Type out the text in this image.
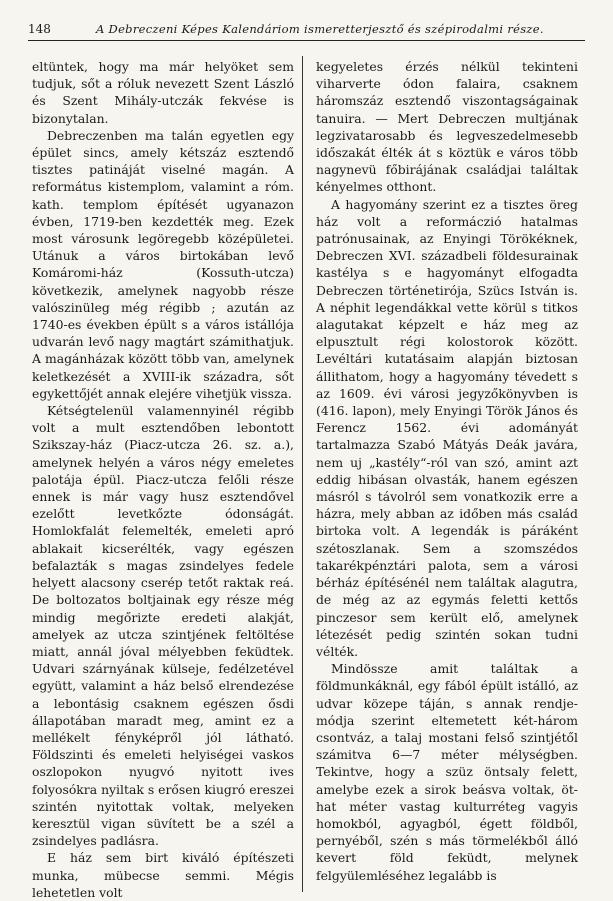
148	A Debreczeni Képes Kalendáriom ismeretterjesztő és szépirodalmi része.

eltüntek, hogy ma már helyöket sem tudjuk, sőt a róluk nevezett Szent László és Szent Mihály-utczák fekvése is bizonytalan.

Debreczenben ma talán egyetlen egy épület sincs, amely kétszáz esztendő tisztes patináját viselné magán. A református kistemplom, valamint a róm. kath. templom építését ugyanazon évben, 1719-ben kezdették meg. Ezek most városunk legöregebb középületei. Utánuk a város birtokában levő Komáromi-ház (Kossuth-utcza) következik, amelynek nagyobb része valószinüleg még régibb ; azután az 1740-es években épült s a város istállója udvarán levő nagy magtárt számithatjuk. A magánházak között több van, amelynek keletkezését a XVIII-ik századra, sőt egykettőjét annak elejére vihetjük vissza.

Kétségtelenül valamennyinél régibb volt a mult esztendőben lebontott Szikszay-ház (Piacz-utcza 26. sz. a.), amelynek helyén a város négy emeletes palotája épül. Piacz-utcza felőli része ennek is már vagy husz esztendővel ezelőtt levetkőzte ódonságát. Homlokfalát felemelték, emeleti apró ablakait kicserélték, vagy egészen befalazták s magas zsindelyes fedele helyett alacsony cserép tetőt raktak reá. De boltozatos boltjainak egy része még mindig megőrizte eredeti alakját, amelyek az utcza szintjének feltöltése miatt, annál jóval mélyebben feküdtek. Udvari szárnyának külseje, fedélzetével együtt, valamint a ház belső elrendezése a lebontásig csaknem egészen ősdi állapotában maradt meg, amint ez a mellékelt fényképről jól látható. Földszinti és emeleti helyiségei vaskos oszlopokon nyugvó nyitott ives folyosókra nyiltak s erősen kiugró ereszei szintén nyitottak voltak, melyeken keresztül vigan süvített be a szél a zsindelyes padlásra.

E ház sem birt kiváló építészeti munka, mübecse semmi. Mégis lehetetlen volt

kegyeletes érzés nélkül tekinteni viharverte ódon falaira, csaknem háromszáz esztendő viszontagságainak tanuira. — Mert Debreczen multjának legzivatarosabb és legveszedelmesebb időszakát élték át s köztük e város több nagynevü főbirájának családjai találtak kényelmes otthont.

A hagyomány szerint ez a tisztes öreg ház volt a reformáczió hatalmas patrónusainak, az Enyingi Törökéknek, Debreczen XVI. századbeli földesurainak kastélya s e hagyományt elfogadta Debreczen történetirója, Szücs István is. A néphit legendákkal vette körül s titkos alagutakat képzelt e ház meg az elpusztult régi kolostorok között. Levéltári kutatásaim alapján biztosan állithatom, hogy a hagyomány tévedett s az 1609. évi városi jegyzőkönyvben is (416. lapon), mely Enyingi Török János és Ferencz 1562. évi adományát tartalmazza Szabó Mátyás Deák javára, nem uj „kastély“-ról van szó, amint azt eddig hibásan olvasták, hanem egészen másról s távolról sem vonatkozik erre a házra, mely abban az időben más család birtoka volt. A legendák is páráként szétoszlanak. Sem a szomszédos takarékpénztári palota, sem a városi bérház építésénél nem találtak alagutra, de még az az egymás feletti kettős pinczesor sem került elő, amelynek létezését pedig szintén sokan tudni vélték.

Mindössze amit találtak a földmunkáknál, egy fából épült istálló, az udvar közepe táján, s annak rendje-módja szerint eltemetett két-három csontváz, a talaj mostani felső szintjétől számitva 6—7 méter mélységben. Tekintve, hogy a szüz öntsaly felett, amelybe ezek a sirok beásva voltak, öt-hat méter vastag kulturréteg vagyis homokból, agyagból, égett földből, pernyéből, szén s más törmelékből álló kevert föld feküdt, melynek felgyülemléséhez legalább is
